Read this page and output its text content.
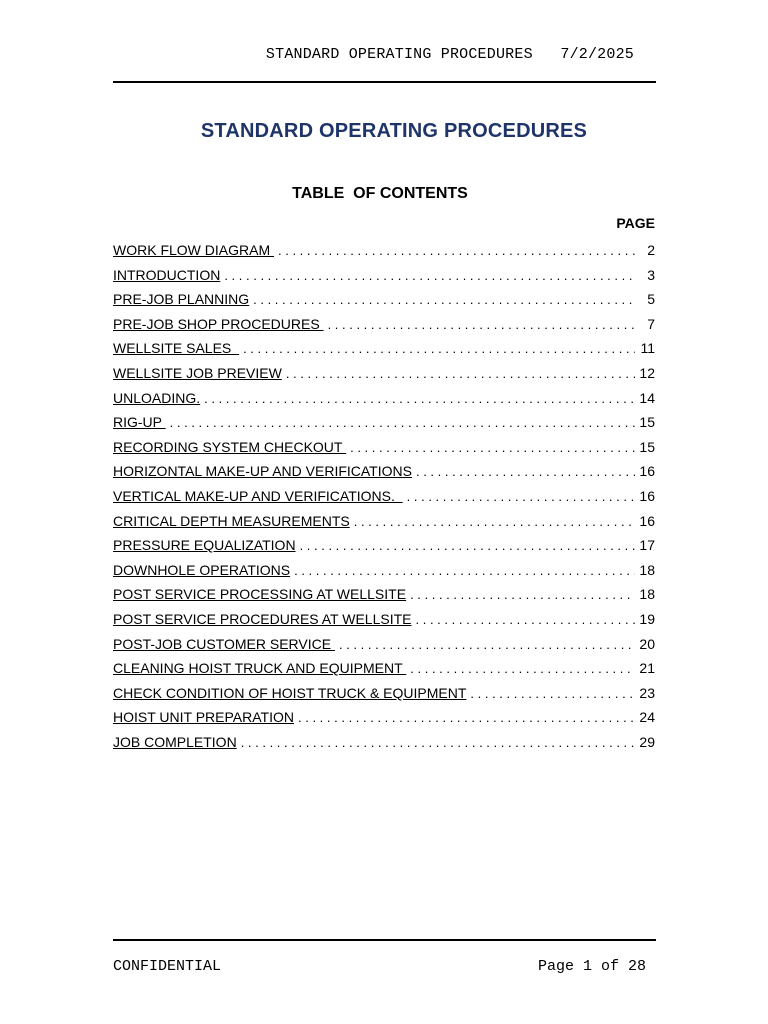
STANDARD OPERATING PROCEDURES 7/2/2025
STANDARD OPERATING PROCEDURES
TABLE  OF CONTENTS
PAGE
WORK FLOW DIAGRAM . . .	2
INTRODUCTION . . .	3
PRE-JOB PLANNING . . .	5
PRE-JOB SHOP PROCEDURES . . .	7
WELLSITE SALES . . .	11
WELLSITE JOB PREVIEW . . .	12
UNLOADING. . . .	14
RIG-UP . . .	15
RECORDING SYSTEM CHECKOUT . . .	15
HORIZONTAL MAKE-UP AND VERIFICATIONS . . .	16
VERTICAL MAKE-UP AND VERIFICATIONS. . . .	16
CRITICAL DEPTH MEASUREMENTS . . .	16
PRESSURE EQUALIZATION . . .	17
DOWNHOLE OPERATIONS . . .	18
POST SERVICE PROCESSING AT WELLSITE . . .	18
POST SERVICE PROCEDURES AT WELLSITE . . .	19
POST-JOB CUSTOMER SERVICE . . .	20
CLEANING HOIST TRUCK AND EQUIPMENT . . .	21
CHECK CONDITION OF HOIST TRUCK & EQUIPMENT . . .	23
HOIST UNIT PREPARATION . . .	24
JOB COMPLETION . . .	29
CONFIDENTIAL	Page 1 of 28
